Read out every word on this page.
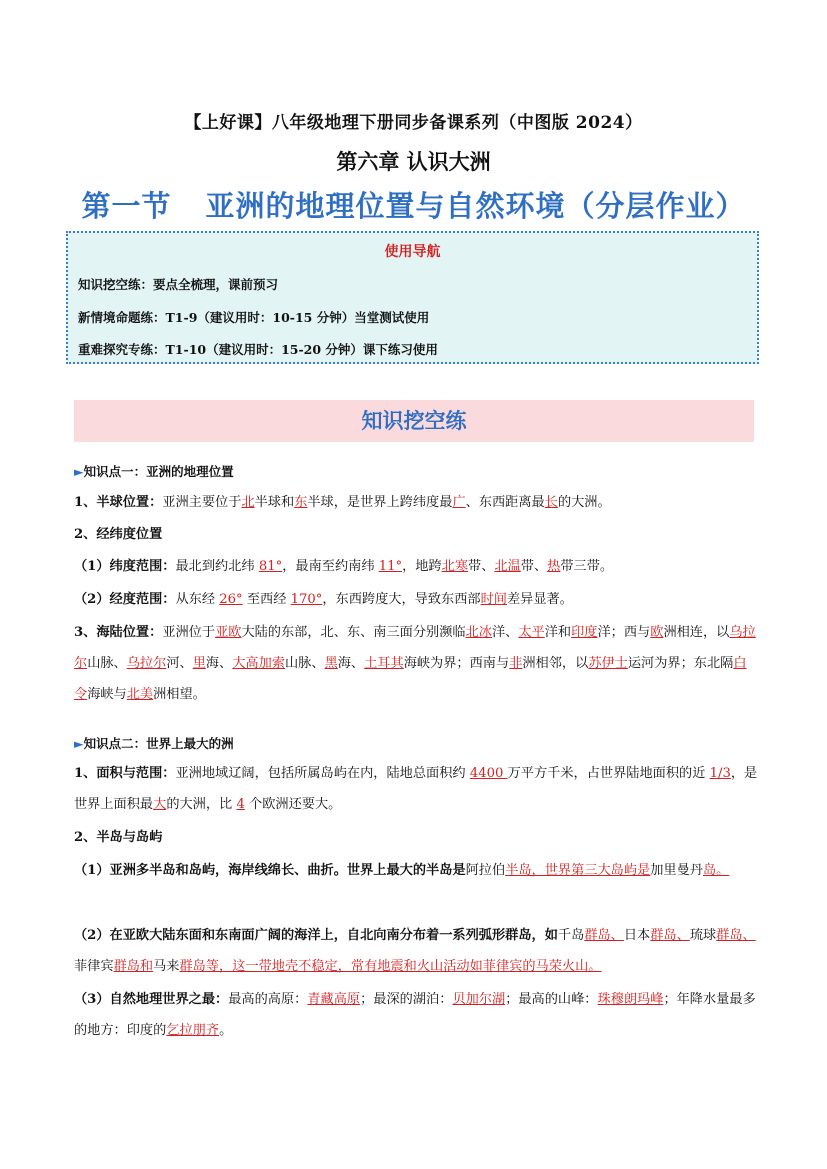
【上好课】八年级地理下册同步备课系列（中图版 2024）
第六章 认识大洲
第一节 亚洲的地理位置与自然环境（分层作业）
使用导航
知识挖空练：要点全梳理，课前预习
新情境命题练：T1-9（建议用时：10-15 分钟）当堂测试使用
重难探究专练：T1-10（建议用时：15-20 分钟）课下练习使用
知识挖空练
►知识点一：亚洲的地理位置
1、半球位置：亚洲主要位于北半球和东半球，是世界上跨纬度最广、东西距离最长的大洲。
2、经纬度位置
（1）纬度范围：最北到约北纬 81°，最南至约南纬 11°，地跨北寒带、北温带、热带三带。
（2）经度范围：从东经 26° 至西经 170°，东西跨度大，导致东西部时间差异显著。
3、海陆位置：亚洲位于亚欧大陆的东部，北、东、南三面分别濒临北冰洋、太平洋和印度洋；西与欧洲相连，以乌拉尔山脉、乌拉尔河、里海、大高加索山脉、黑海、土耳其海峡为界；西南与非洲相邻，以苏伊士运河为界；东北隔白令海峡与北美洲相望。
►知识点二：世界上最大的洲
1、面积与范围：亚洲地域辽阔，包括所属岛屿在内，陆地总面积约 4400 万平方千米，占世界陆地面积的近 1/3，是世界上面积最大的大洲，比 4 个欧洲还要大。
2、半岛与岛屿
（1）亚洲多半岛和岛屿，海岸线绵长、曲折。世界上最大的半岛是阿拉伯半岛，世界第三大岛屿是加里曼丹岛。
（2）在亚欧大陆东面和东南面广阔的海洋上，自北向南分布着一系列弧形群岛，如千岛群岛、日本群岛、琉球群岛、菲律宾群岛和马来群岛等，这一带地壳不稳定，常有地震和火山活动如菲律宾的马荣火山。
（3）自然地理世界之最：最高的高原：青藏高原；最深的湖泊：贝加尔湖；最高的山峰：珠穆朗玛峰；年降水量最多的地方：印度的乞拉朋齐。
